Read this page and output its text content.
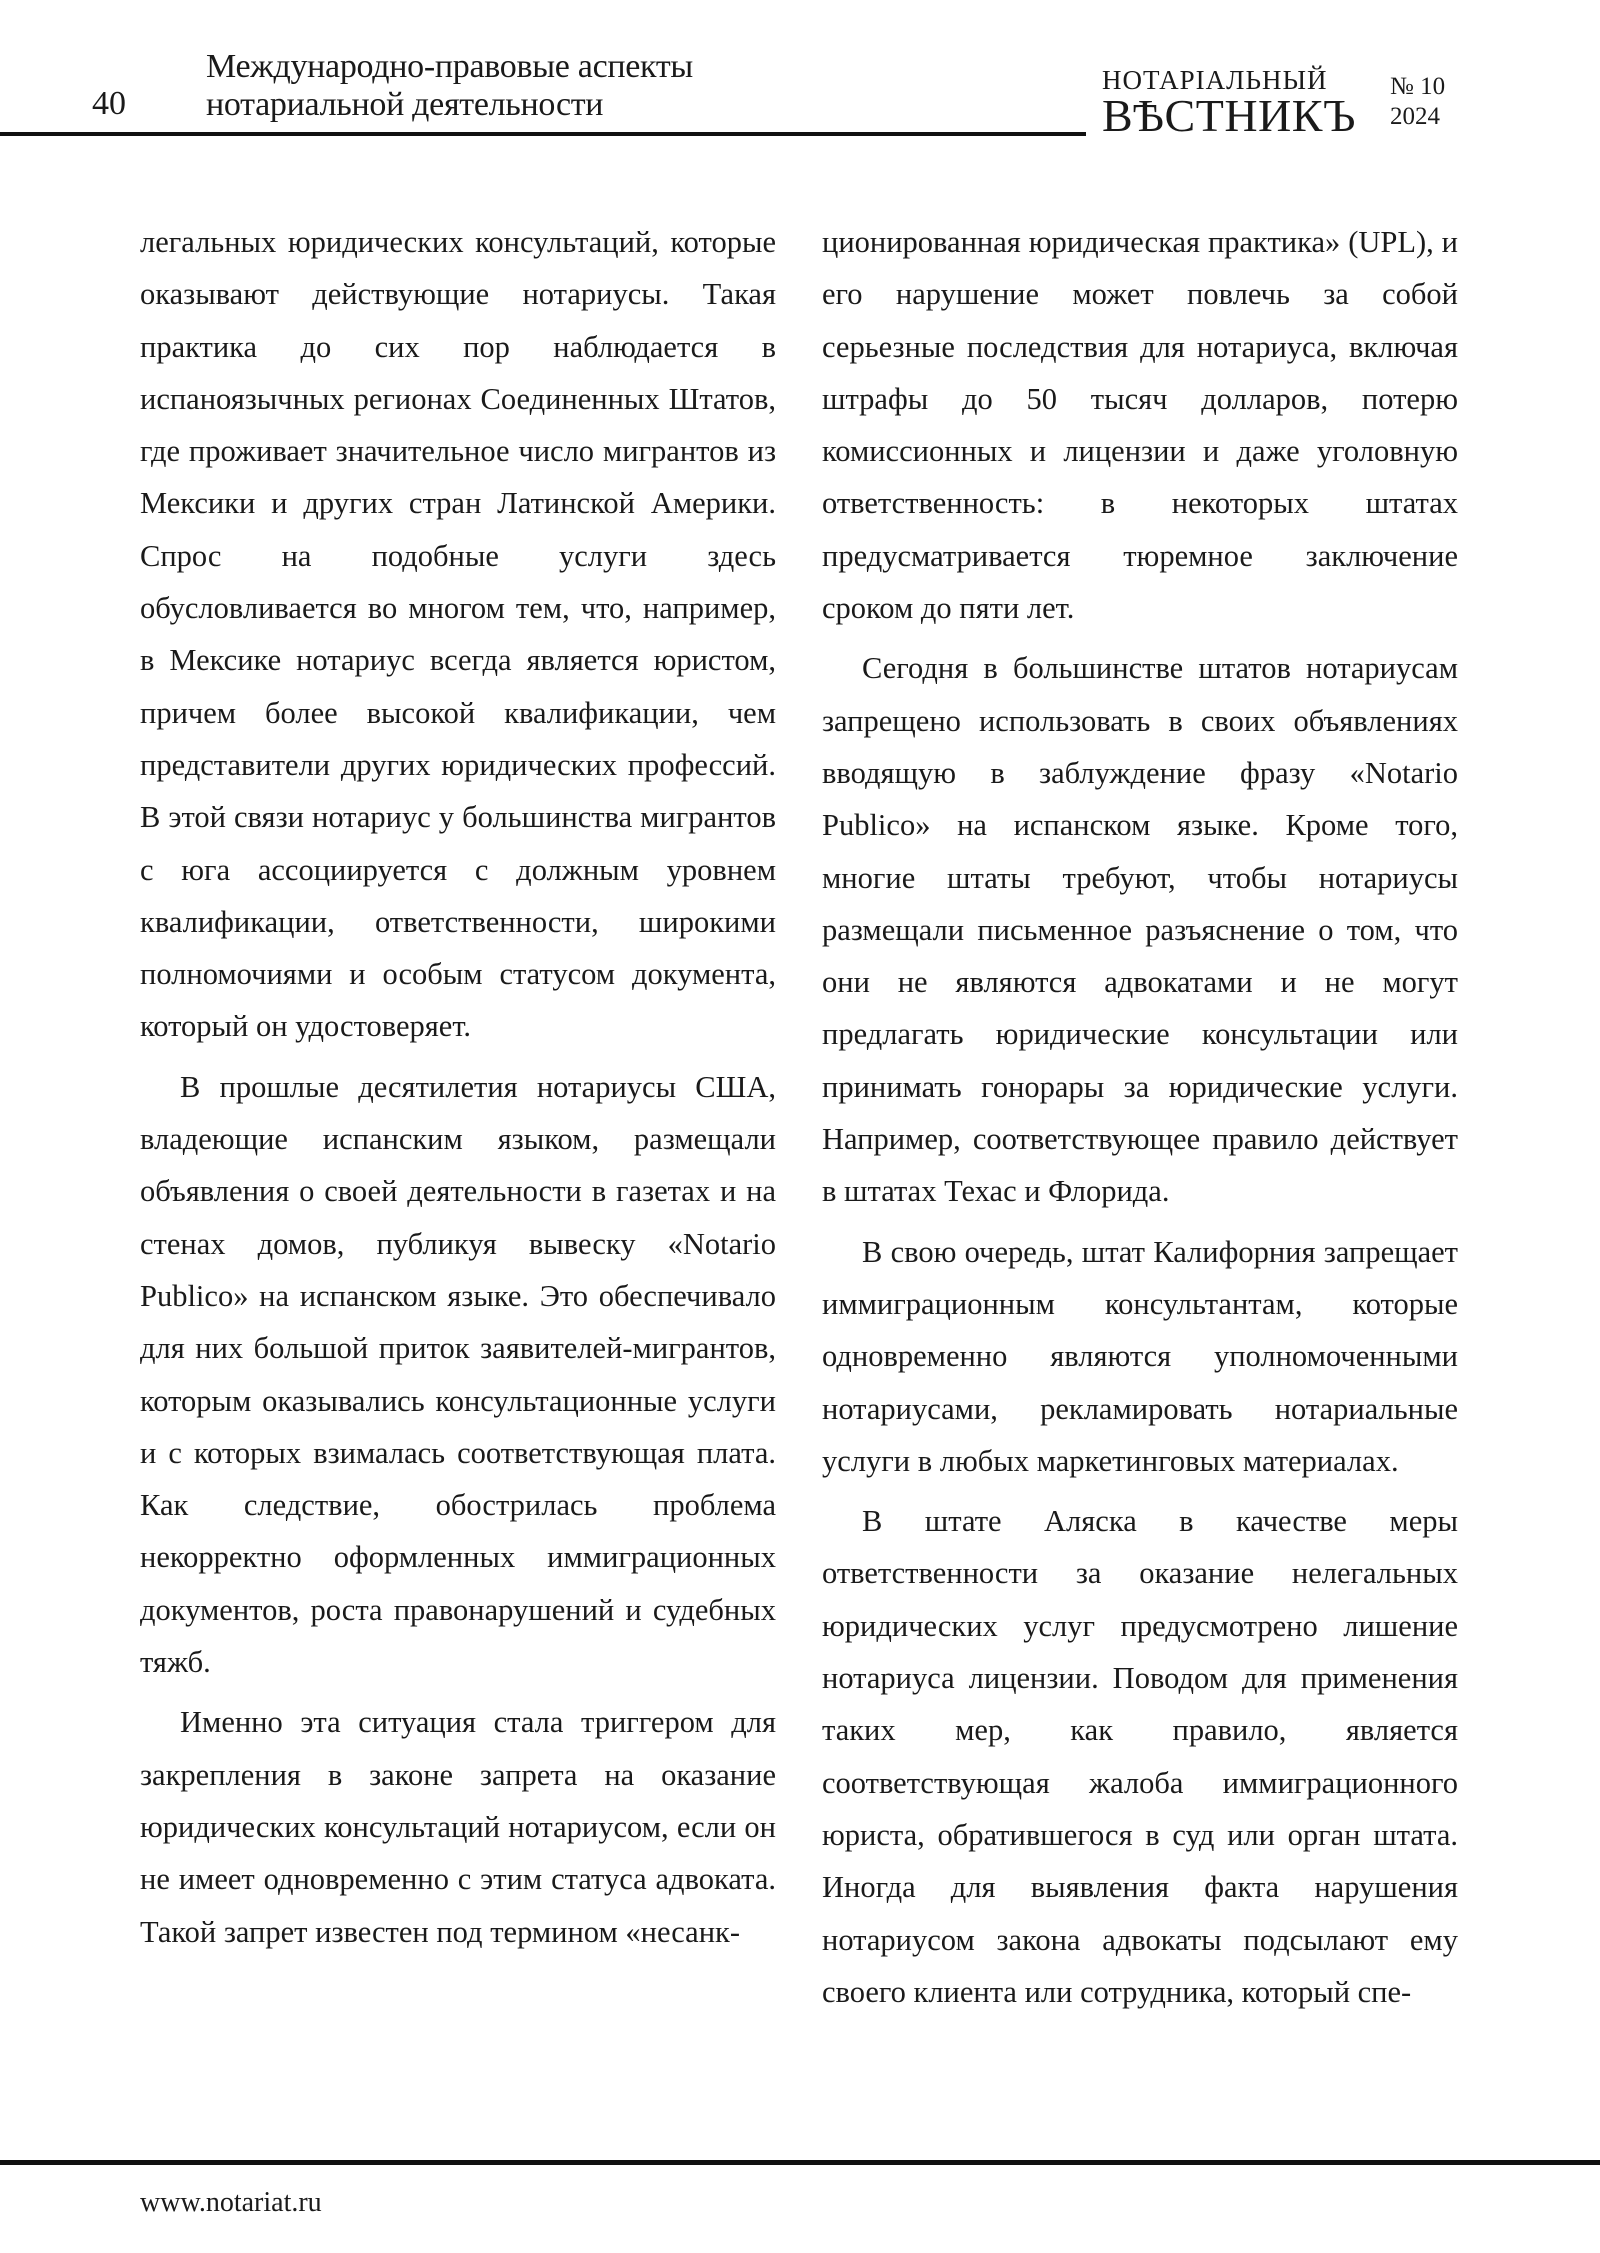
40
Международно-правовые аспекты
нотариальной деятельности
НОТАРІАЛЬНЫЙ
ВѢСТНИКЪ
№ 10
2024

легальных юридических консультаций, которые оказывают действующие нотариусы. Такая практика до сих пор наблюдается в испаноязычных регионах Соединенных Штатов, где проживает значительное число мигрантов из Мексики и других стран Латинской Америки. Спрос на подобные услуги здесь обусловливается во многом тем, что, например, в Мексике нотариус всегда является юристом, причем более высокой квалификации, чем представители других юридических профессий. В этой связи нотариус у большинства мигрантов с юга ассоциируется с должным уровнем квалификации, ответственности, широкими полномочиями и особым статусом документа, который он удостоверяет.

В прошлые десятилетия нотариусы США, владеющие испанским языком, размещали объявления о своей деятельности в газетах и на стенах домов, публикуя вывеску «Notario Publico» на испанском языке. Это обеспечивало для них большой приток заявителей-мигрантов, которым оказывались консультационные услуги и с которых взималась соответствующая плата. Как следствие, обострилась проблема некорректно оформленных иммиграционных документов, роста правонарушений и судебных тяжб.

Именно эта ситуация стала триггером для закрепления в законе запрета на оказание юридических консультаций нотариусом, если он не имеет одновременно с этим статуса адвоката. Такой запрет известен под термином «несанк-

ционированная юридическая практика» (UPL), и его нарушение может повлечь за собой серьезные последствия для нотариуса, включая штрафы до 50 тысяч долларов, потерю комиссионных и лицензии и даже уголовную ответственность: в некоторых штатах предусматривается тюремное заключение сроком до пяти лет.

Сегодня в большинстве штатов нотариусам запрещено использовать в своих объявлениях вводящую в заблуждение фразу «Notario Publico» на испанском языке. Кроме того, многие штаты требуют, чтобы нотариусы размещали письменное разъяснение о том, что они не являются адвокатами и не могут предлагать юридические консультации или принимать гонорары за юридические услуги. Например, соответствующее правило действует в штатах Техас и Флорида.

В свою очередь, штат Калифорния запрещает иммиграционным консультантам, которые одновременно являются уполномоченными нотариусами, рекламировать нотариальные услуги в любых маркетинговых материалах.

В штате Аляска в качестве меры ответственности за оказание нелегальных юридических услуг предусмотрено лишение нотариуса лицензии. Поводом для применения таких мер, как правило, является соответствующая жалоба иммиграционного юриста, обратившегося в суд или орган штата. Иногда для выявления факта нарушения нотариусом закона адвокаты подсылают ему своего клиента или сотрудника, который спе-

www.notariat.ru
